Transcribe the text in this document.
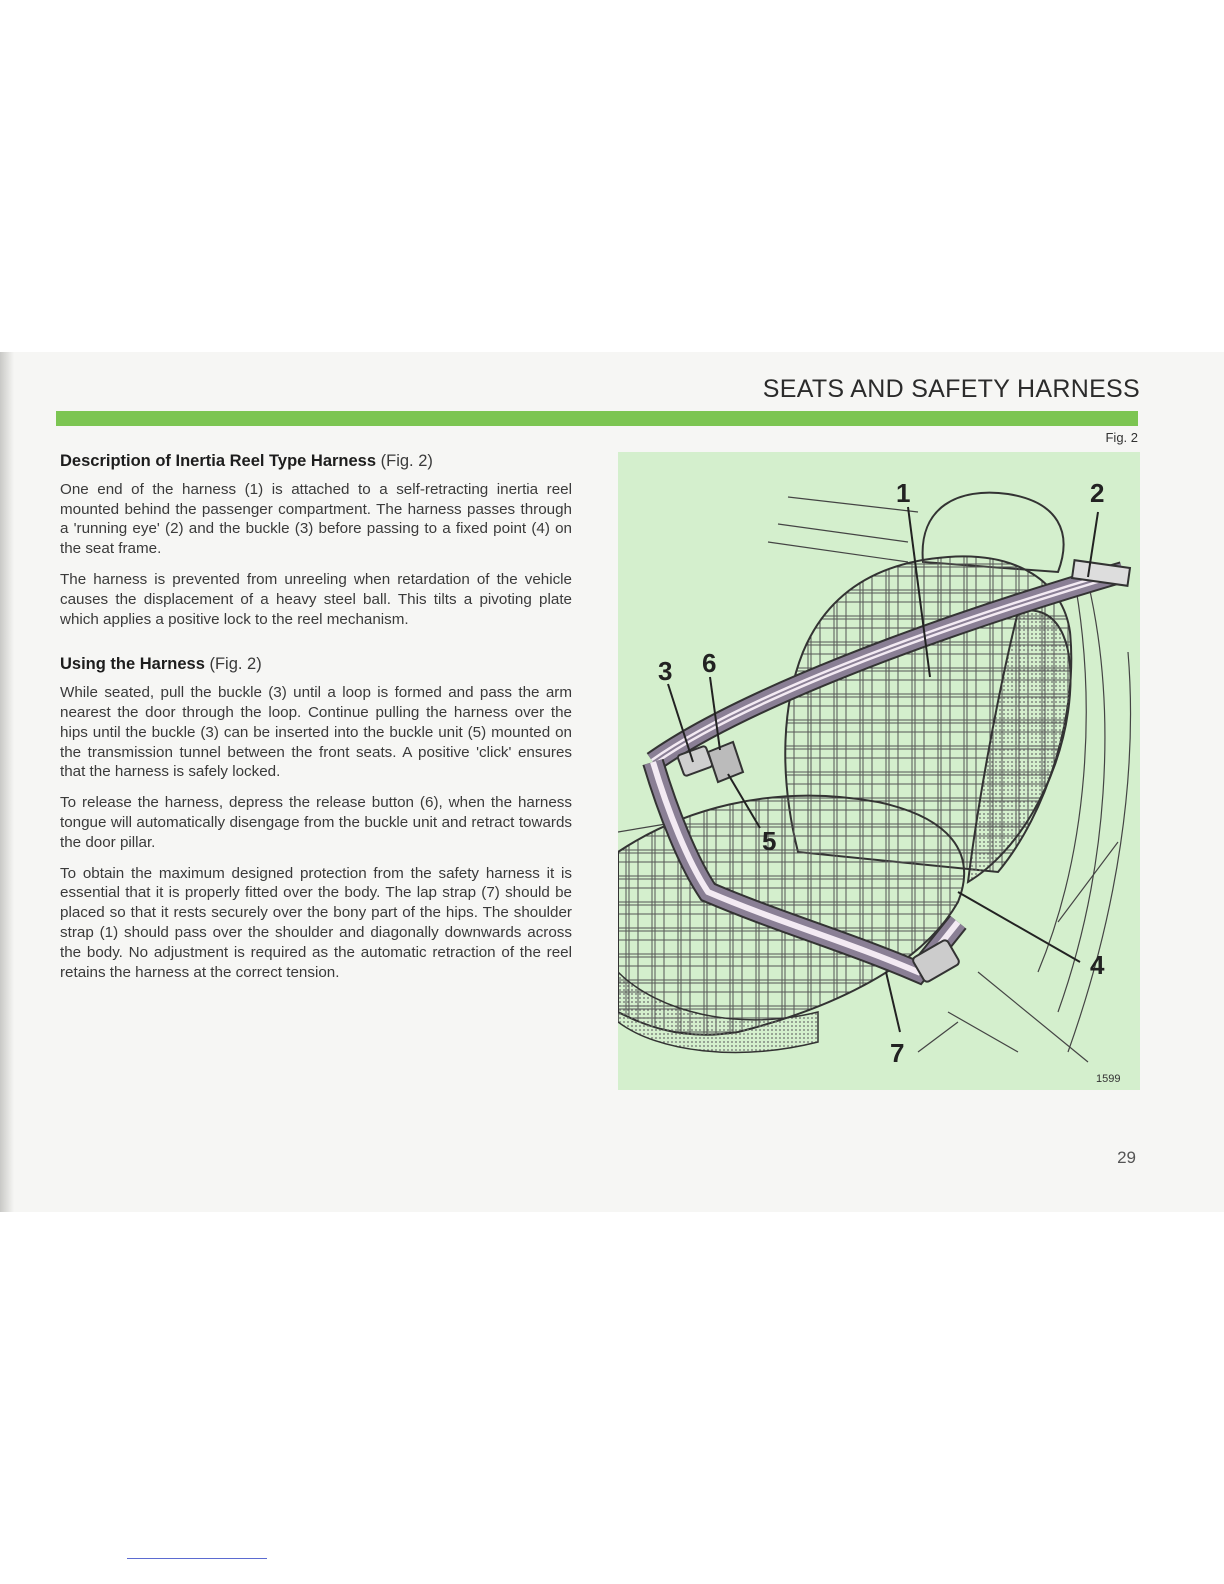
SEATS AND SAFETY HARNESS
Description of Inertia Reel Type Harness (Fig. 2)

One end of the harness (1) is attached to a self-retracting inertia reel mounted behind the passenger compartment. The harness passes through a 'running eye' (2) and the buckle (3) before passing to a fixed point (4) on the seat frame.

The harness is prevented from unreeling when retardation of the vehicle causes the displacement of a heavy steel ball. This tilts a pivoting plate which applies a positive lock to the reel mechanism.

Using the Harness (Fig. 2)

While seated, pull the buckle (3) until a loop is formed and pass the arm nearest the door through the loop. Continue pulling the harness over the hips until the buckle (3) can be inserted into the buckle unit (5) mounted on the transmission tunnel between the front seats. A positive 'click' ensures that the harness is safely locked.

To release the harness, depress the release button (6), when the harness tongue will automatically disengage from the buckle unit and retract towards the door pillar.

To obtain the maximum designed protection from the safety harness it is essential that it is properly fitted over the body. The lap strap (7) should be placed so that it rests securely over the bony part of the hips. The shoulder strap (1) should pass over the shoulder and diagonally downwards across the body. No adjustment is required as the automatic retraction of the reel retains the harness at the correct tension.

Fig. 2
1	2
3 6
5
4
7
1599
29
